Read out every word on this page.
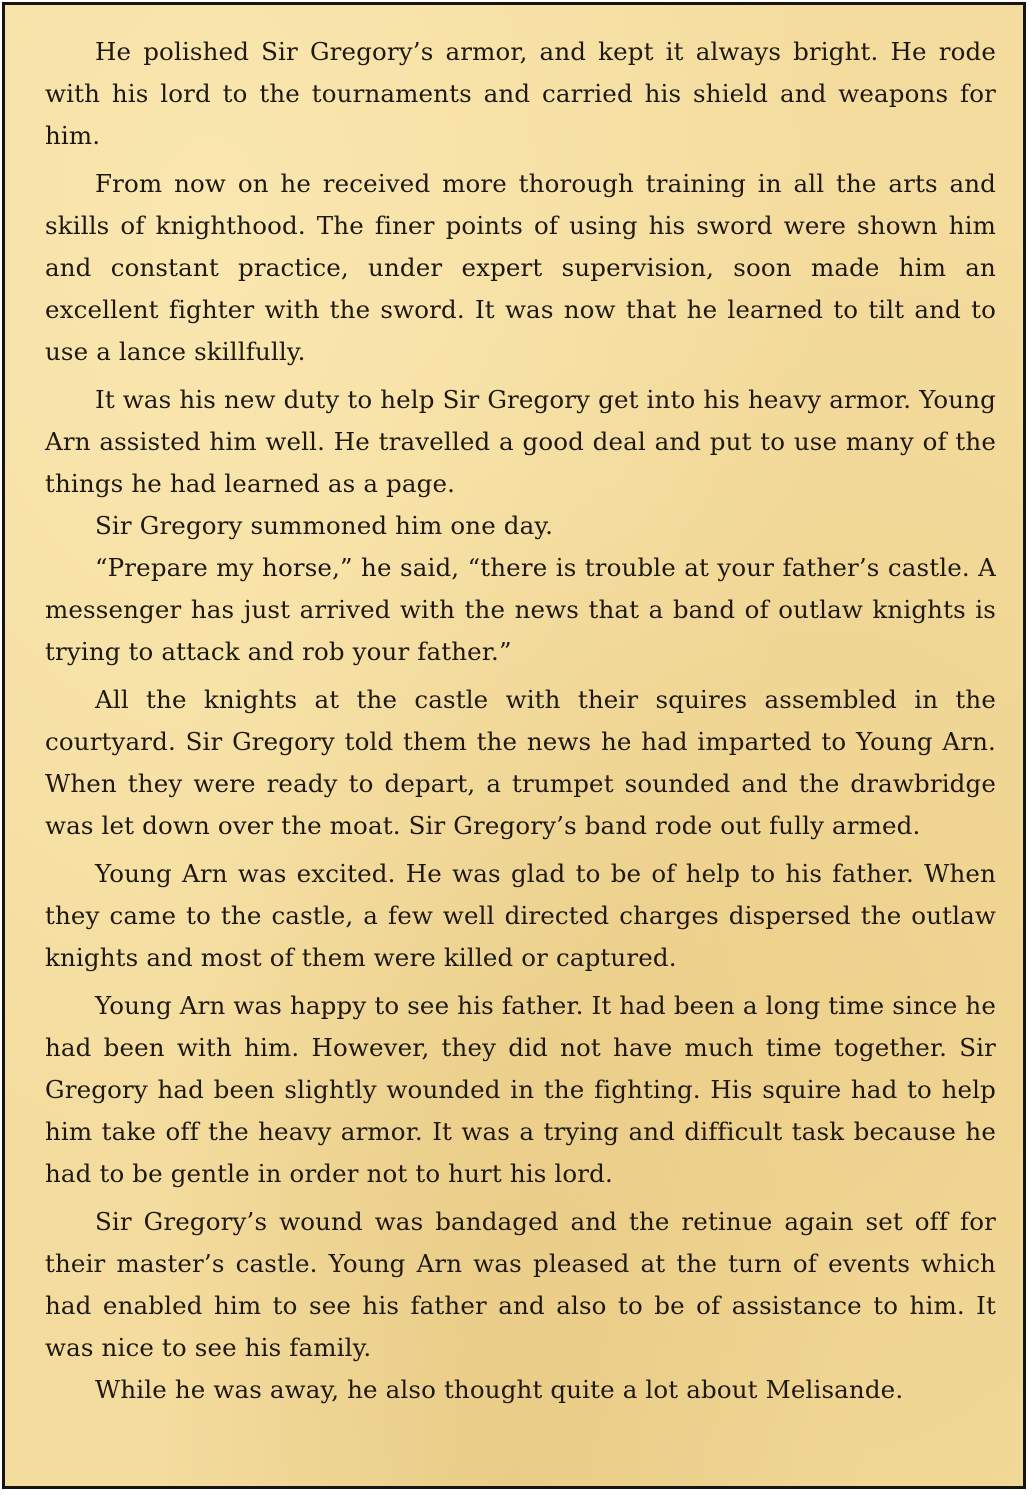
He polished Sir Gregory’s armor, and kept it always bright. He rode with his lord to the tournaments and carried his shield and weapons for him.

From now on he received more thorough training in all the arts and skills of knighthood. The finer points of using his sword were shown him and constant practice, under expert supervision, soon made him an excellent fighter with the sword. It was now that he learned to tilt and to use a lance skillfully.

It was his new duty to help Sir Gregory get into his heavy armor. Young Arn assisted him well. He travelled a good deal and put to use many of the things he had learned as a page.

Sir Gregory summoned him one day.

“Prepare my horse,” he said, “there is trouble at your father’s castle. A messenger has just arrived with the news that a band of outlaw knights is trying to attack and rob your father.”

All the knights at the castle with their squires assembled in the courtyard. Sir Gregory told them the news he had imparted to Young Arn. When they were ready to depart, a trumpet sounded and the drawbridge was let down over the moat. Sir Gregory’s band rode out fully armed.

Young Arn was excited. He was glad to be of help to his father. When they came to the castle, a few well directed charges dispersed the outlaw knights and most of them were killed or captured.

Young Arn was happy to see his father. It had been a long time since he had been with him. However, they did not have much time together. Sir Gregory had been slightly wounded in the fighting. His squire had to help him take off the heavy armor. It was a trying and difficult task because he had to be gentle in order not to hurt his lord.

Sir Gregory’s wound was bandaged and the retinue again set off for their master’s castle. Young Arn was pleased at the turn of events which had enabled him to see his father and also to be of assistance to him. It was nice to see his family.

While he was away, he also thought quite a lot about Melisande.
